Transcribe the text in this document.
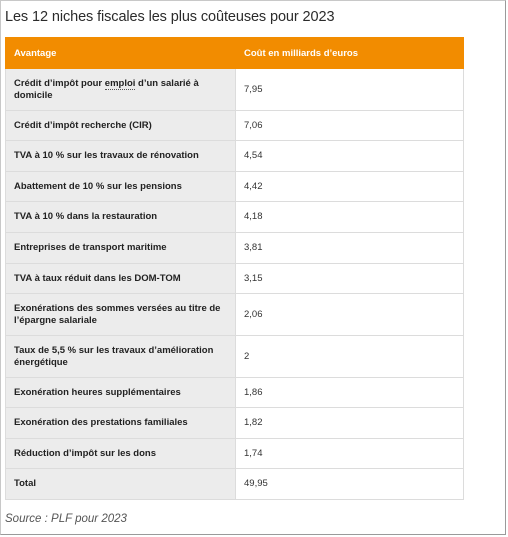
Les 12 niches fiscales les plus coûteuses pour 2023
Avantage	Coût en milliards d’euros
Crédit d’impôt pour emploi d’un salarié à domicile	7,95
Crédit d’impôt recherche (CIR)	7,06
TVA à 10 % sur les travaux de rénovation	4,54
Abattement de 10 % sur les pensions	4,42
TVA à 10 % dans la restauration	4,18
Entreprises de transport maritime	3,81
TVA à taux réduit dans les DOM-TOM	3,15
Exonérations des sommes versées au titre de l’épargne salariale	2,06
Taux de 5,5 % sur les travaux d’amélioration énergétique	2
Exonération heures supplémentaires	1,86
Exonération des prestations familiales	1,82
Réduction d’impôt sur les dons	1,74
Total	49,95
Source : PLF pour 2023
